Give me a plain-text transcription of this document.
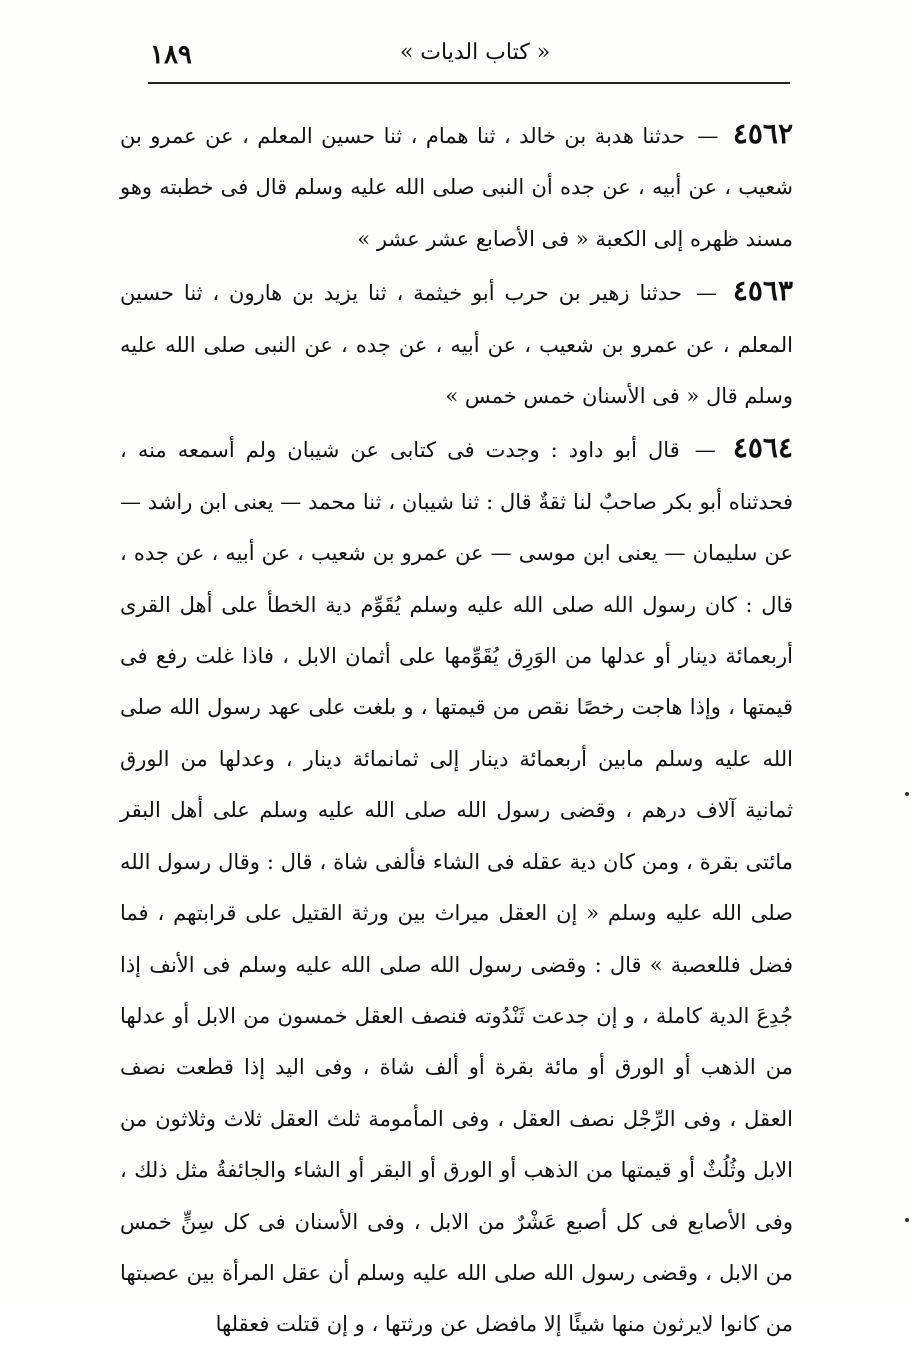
١٨٩	« كتاب الديات »

٤٥٦٢ — حدثنا هدبة بن خالد ، ثنا همام ، ثنا حسين المعلم ، عن عمرو بن شعيب ، عن أبيه ، عن جده أن النبى صلى الله عليه وسلم قال فى خطبته وهو مسند ظهره إلى الكعبة « فى الأصابع عشر عشر »

٤٥٦٣ — حدثنا زهير بن حرب أبو خيثمة ، ثنا يزيد بن هارون ، ثنا حسين المعلم ، عن عمرو بن شعيب ، عن أبيه ، عن جده ، عن النبى صلى الله عليه وسلم قال « فى الأسنان خمس خمس »

٤٥٦٤ — قال أبو داود : وجدت فى كتابى عن شيبان ولم أسمعه منه ، فحدثناه أبو بكر صاحبٌ لنا ثقةٌ قال : ثنا شيبان ، ثنا محمد — يعنى ابن راشد — عن سليمان — يعنى ابن موسى — عن عمرو بن شعيب ، عن أبيه ، عن جده ، قال : كان رسول الله صلى الله عليه وسلم يُقَوِّم دية الخطأ على أهل القرى أربعمائة دينار أو عدلها من الوَرِق يُقَوِّمها على أثمان الابل ، فاذا غلت رفع فى قيمتها ، وإذا هاجت رخصًا نقص من قيمتها ، و بلغت على عهد رسول الله صلى الله عليه وسلم مابين أربعمائة دينار إلى ثمانمائة دينار ، وعدلها من الورق ثمانية آلاف درهم ، وقضى رسول الله صلى الله عليه وسلم على أهل البقر مائتى بقرة ، ومن كان دية عقله فى الشاء فألفى شاة ، قال : وقال رسول الله صلى الله عليه وسلم « إن العقل ميراث بين ورثة القتيل على قرابتهم ، فما فضل فللعصبة » قال : وقضى رسول الله صلى الله عليه وسلم فى الأنف إذا جُدِعَ الدية كاملة ، و إن جدعت ثَنْدُوته فنصف العقل خمسون من الابل أو عدلها من الذهب أو الورق أو مائة بقرة أو ألف شاة ، وفى اليد إذا قطعت نصف العقل ، وفى الرِّجْل نصف العقل ، وفى المأمومة ثلث العقل ثلاث وثلاثون من الابل وثُلُثٌ أو قيمتها من الذهب أو الورق أو البقر أو الشاء والجائفةُ مثل ذلك ، وفى الأصابع فى كل أصبع عَشْرٌ من الابل ، وفى الأسنان فى كل سِنٍّ خمس من الابل ، وقضى رسول الله صلى الله عليه وسلم أن عقل المرأة بين عصبتها من كانوا لايرثون منها شيئًا إلا مافضل عن ورثتها ، و إن قتلت فعقلها
